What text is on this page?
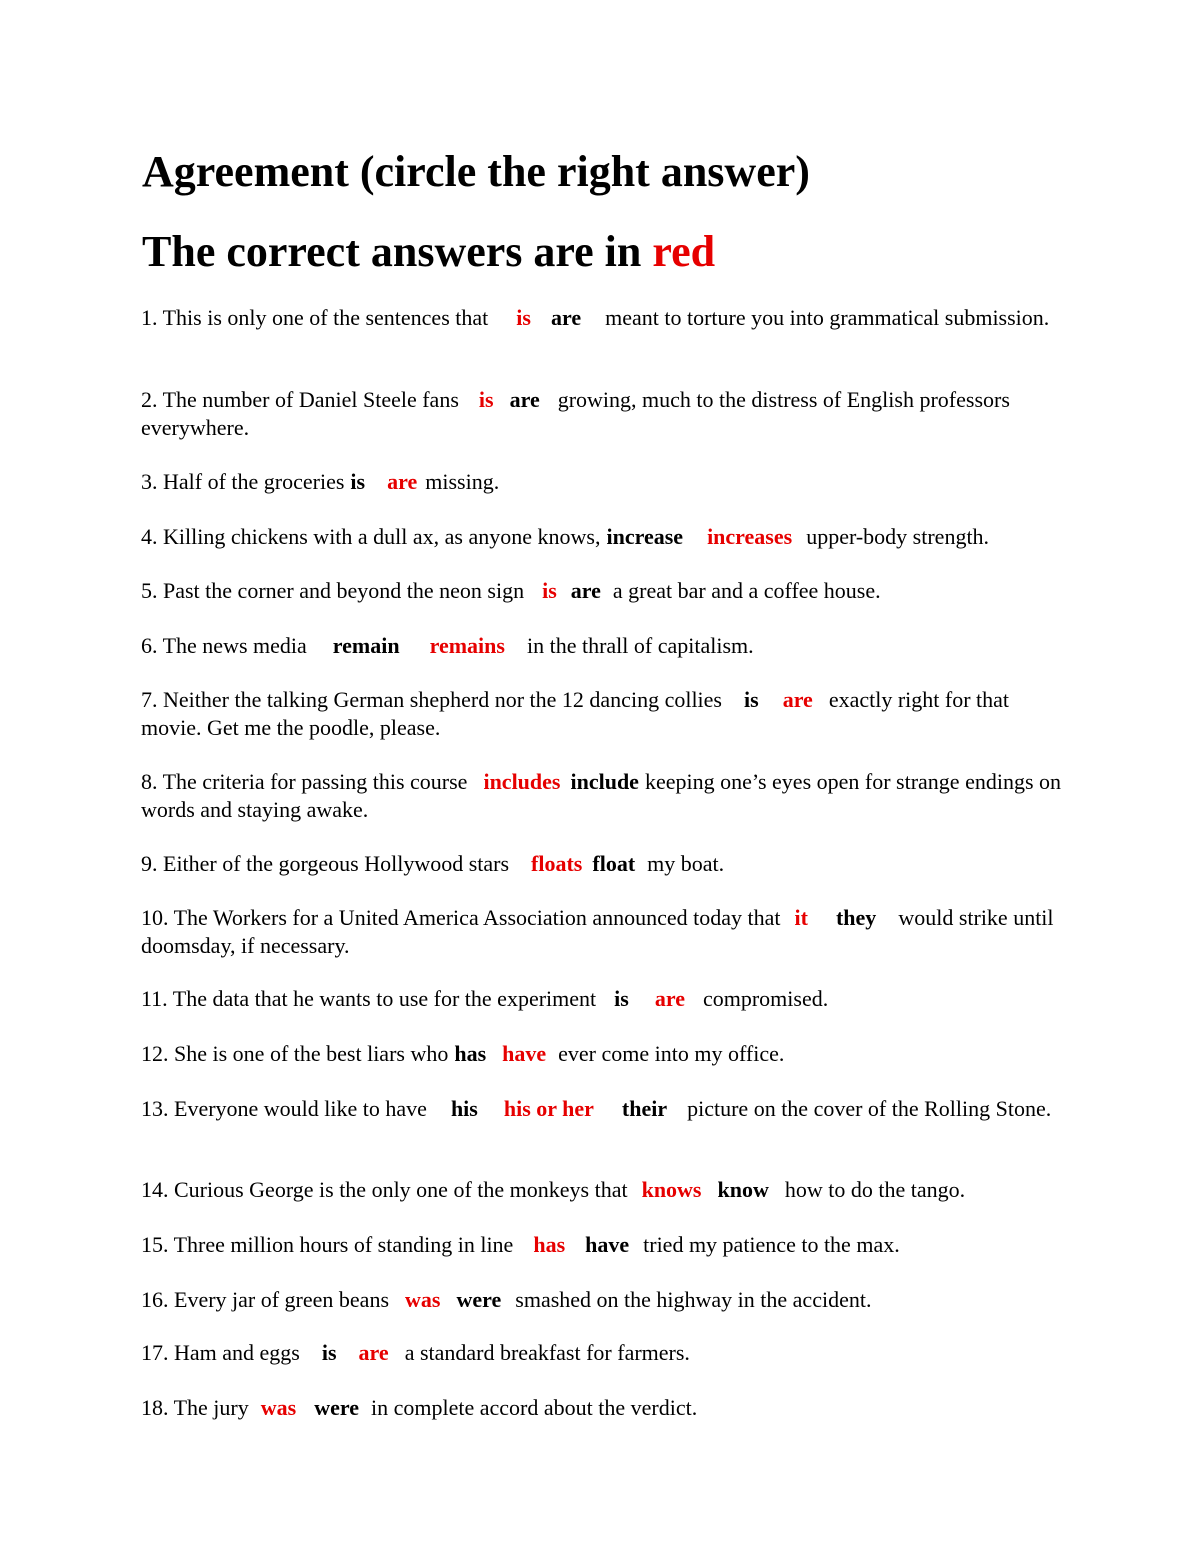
Agreement (circle the right answer)
The correct answers are in red
1. This is only one of the sentences that is are meant to torture you into grammatical submission.
2. The number of Daniel Steele fans is are growing, much to the distress of English professors everywhere.
3. Half of the groceries is are missing.
4. Killing chickens with a dull ax, as anyone knows, increase increases upper-body strength.
5. Past the corner and beyond the neon sign is are a great bar and a coffee house.
6. The news media remain remains in the thrall of capitalism.
7. Neither the talking German shepherd nor the 12 dancing collies is are exactly right for that movie. Get me the poodle, please.
8. The criteria for passing this course includes include keeping one’s eyes open for strange endings on words and staying awake.
9. Either of the gorgeous Hollywood stars floats float my boat.
10. The Workers for a United America Association announced today that it they would strike until doomsday, if necessary.
11. The data that he wants to use for the experiment is are compromised.
12. She is one of the best liars who has have ever come into my office.
13. Everyone would like to have his his or her their picture on the cover of the Rolling Stone.
14. Curious George is the only one of the monkeys that knows know how to do the tango.
15. Three million hours of standing in line has have tried my patience to the max.
16. Every jar of green beans was were smashed on the highway in the accident.
17. Ham and eggs is are a standard breakfast for farmers.
18. The jury was were in complete accord about the verdict.
